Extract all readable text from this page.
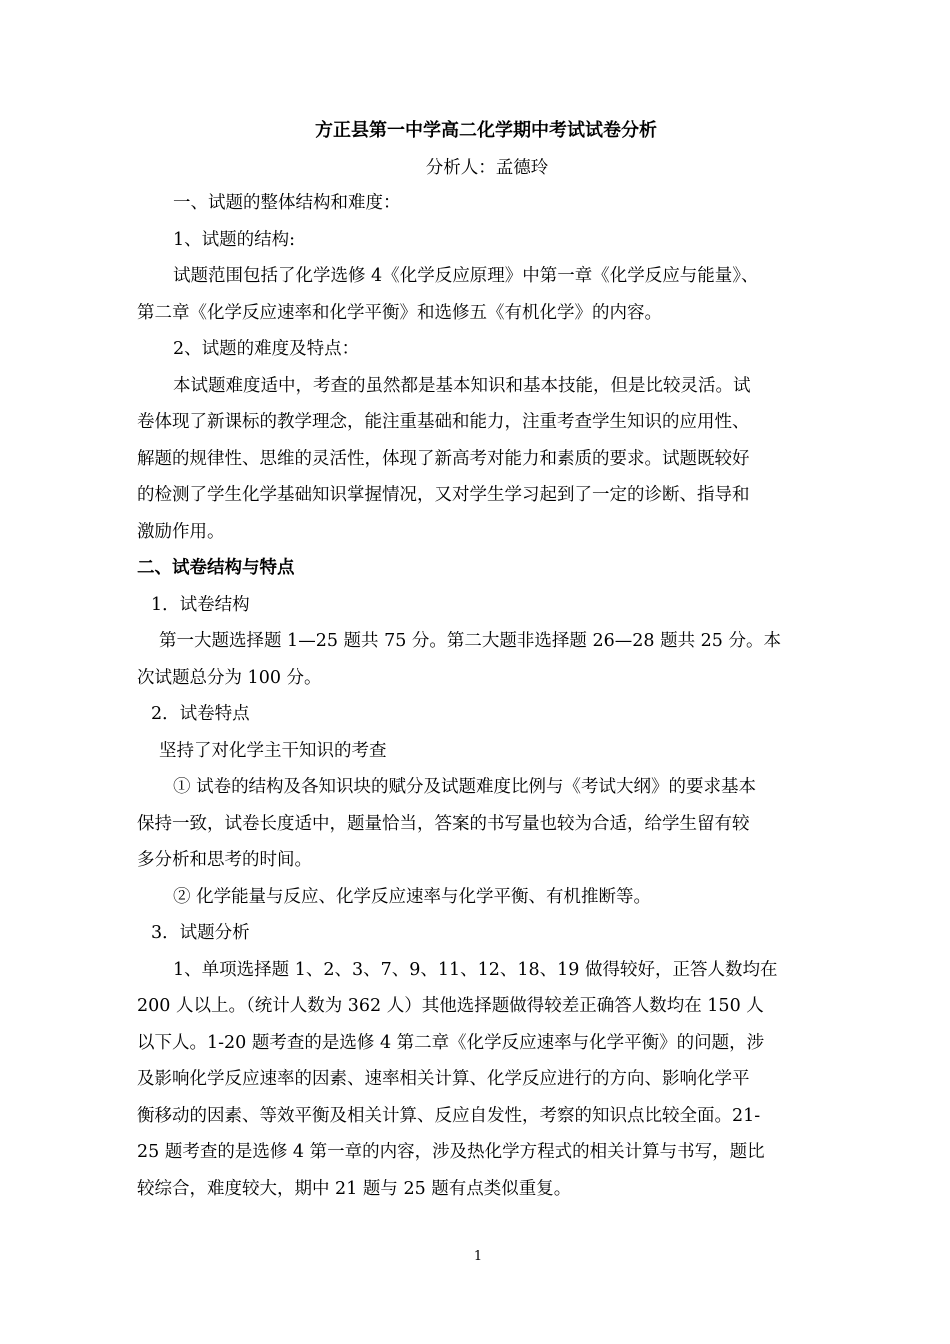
方正县第一中学高二化学期中考试试卷分析
分析人：孟德玲
一、试题的整体结构和难度：
1、试题的结构:
试题范围包括了化学选修 4《化学反应原理》中第一章《化学反应与能量》、
第二章《化学反应速率和化学平衡》和选修五《有机化学》的内容。
2、试题的难度及特点：
本试题难度适中，考查的虽然都是基本知识和基本技能，但是比较灵活。试
卷体现了新课标的教学理念，能注重基础和能力，注重考查学生知识的应用性、
解题的规律性、思维的灵活性，体现了新高考对能力和素质的要求。试题既较好
的检测了学生化学基础知识掌握情况，又对学生学习起到了一定的诊断、指导和
激励作用。
二、试卷结构与特点
1．试卷结构
第一大题选择题 1—25 题共 75 分。第二大题非选择题 26—28 题共 25 分。本
次试题总分为 100 分。
2．试卷特点
坚持了对化学主干知识的考查
① 试卷的结构及各知识块的赋分及试题难度比例与《考试大纲》的要求基本
保持一致，试卷长度适中，题量恰当，答案的书写量也较为合适，给学生留有较
多分析和思考的时间。
② 化学能量与反应、化学反应速率与化学平衡、有机推断等。
3．试题分析
1、单项选择题 1、2、3、7、9、11、12、18、19 做得较好，正答人数均在
200 人以上。（统计人数为 362 人）其他选择题做得较差正确答人数均在 150 人
以下人。1-20 题考查的是选修 4 第二章《化学反应速率与化学平衡》的问题，涉
及影响化学反应速率的因素、速率相关计算、化学反应进行的方向、影响化学平
衡移动的因素、等效平衡及相关计算、反应自发性，考察的知识点比较全面。21-
25 题考查的是选修 4 第一章的内容，涉及热化学方程式的相关计算与书写，题比
较综合，难度较大，期中 21 题与 25 题有点类似重复。
1
